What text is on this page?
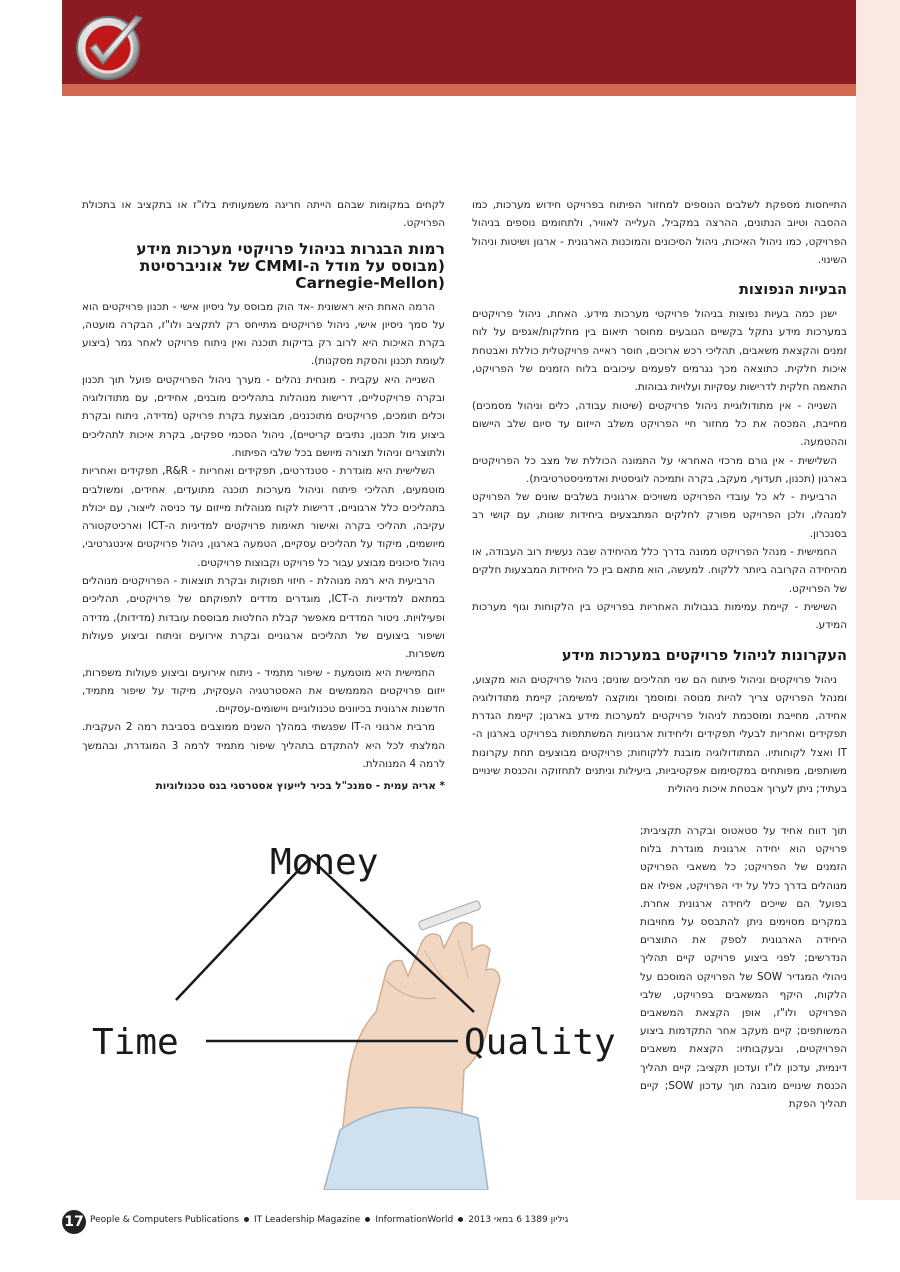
התייחסות מספקת לשלבים הנוספים למחזור הפיתוח בפרויקט חידוש מערכות, כמו ההסבה וטיוב הנתונים, ההרצה במקביל, העלייה לאוויר, ולתחומים נוספים בניהול הפרויקט, כמו ניהול האיכות, ניהול הסיכונים והמוכנות הארגונית - ארגון ושיטות וניהול השינוי.

הבעיות הנפוצות

ישנן כמה בעיות נפוצות בניהול פרויקטי מערכות מידע. האחת, ניהול פרויקטים במערכות מידע נתקל בקשיים הנובעים מחוסר תיאום בין מחלקות/אגפים על לוח זמנים והקצאת משאבים, תהליכי רכש ארוכים, חוסר ראייה פרויקטלית כוללת ואבטחת איכות חלקית. כתוצאה מכך נגרמים לפעמים עיכובים בלוח הזמנים של הפרויקט, התאמה חלקית לדרישות עסקיות ועלויות גבוהות.

השנייה - אין מתודולוגיית ניהול פרויקטים (שיטות עבודה, כלים וניהול מסמכים) מחייבת, המכסה את כל מחזור חיי הפרויקט משלב הייזום עד סיום שלב היישום וההטמעה.

השלישית - אין גורם מרכזי האחראי על התמונה הכוללת של מצב כל הפרויקטים בארגון (תכנון, תעדוף, מעקב, בקרה ותמיכה לוגיסטית ואדמיניסטרטיבית).

הרביעית - לא כל עובדי הפרויקט משויכים ארגונית בשלבים שונים של הפרויקט למנהלו, ולכן הפרויקט מפורק לחלקים המתבצעים ביחידות שונות, עם קושי רב בסנכרון.

החמישית - מנהל הפרויקט ממונה בדרך כלל מהיחידה שבה נעשית רוב העבודה, או מהיחידה הקרובה ביותר ללקוח. למעשה, הוא מתאם בין כל היחידות המבצעות חלקים של הפרויקט.

השישית - קיימת עמימות בגבולות האחריות בפרויקט בין הלקוחות וגוף מערכות המידע.

העקרונות לניהול פרויקטים במערכות מידע

ניהול פרויקטים וניהול פיתוח הם שני תהליכים שונים; ניהול פרויקטים הוא מקצוע, ומנהל הפרויקט צריך להיות מנוסה ומוסמך ומוקצה למשימה; קיימת מתודולוגיה אחידה, מחייבת ומוסכמת לניהול פרויקטים למערכות מידע בארגון; קיימת הגדרת תפקידים ואחריות לבעלי תפקידים וליחידות ארגוניות המשתתפות בפרויקט בארגון ה-IT ואצל לקוחותיו. המתודולוגיה מובנת ללקוחות; פרויקטים מבוצעים תחת עקרונות משותפים, מפותחים במקסימום אפקטיביות, ביעילות וניתנים לתחזוקה והכנסת שינויים בעתיד; ניתן לערוך אבטחת איכות ניהולית

תוך דווח אחיד על סטאטוס ובקרה תקציבית; פרויקט הוא יחידה ארגונית מוגדרת בלוח הזמנים של הפרויקט; כל משאבי הפרויקט מנוהלים בדרך כלל על ידי הפרויקט, אפילו אם בפועל הם שייכים ליחידה ארגונית אחרת. במקרים מסוימים ניתן להתבסס על מחויבות היחידה הארגונית לספק את התוצרים הנדרשים; לפני ביצוע פרויקט קיים תהליך ניהולי המגדיר SOW של הפרויקט המוסכם על הלקוח, היקף המשאבים בפרויקט, שלבי הפרויקט ולו"ז, אופן הקצאת המשאבים המשותפים; קיים מעקב אחר התקדמות ביצוע הפרויקטים, ובעקבותיו: הקצאת משאבים דינמית, עדכון לו"ז ועדכון תקציב; קיים תהליך הכנסת שינויים מובנה תוך עדכון SOW; קיים תהליך הפקת

לקחים במקומות שבהם הייתה חריגה משמעותית בלו"ז או בתקציב או בתכולת הפרויקט.

רמות הבגרות בניהול פרויקטי מערכות מידע
(מבוסס על מודל ה-CMMI של אוניברסיטת
Carnegie-Mellon)

הרמה האחת היא ראשונית -אד הוק מבוסס על ניסיון אישי - תכנון פרויקטים הוא על סמך ניסיון אישי, ניהול פרויקטים מתייחס רק לתקציב ולו"ז, הבקרה מועטה, בקרת האיכות היא לרוב רק בדיקות תוכנה ואין ניתוח פרויקט לאחר גמר (ביצוע לעומת תכנון והסקת מסקנות).

השנייה היא עקבית - מונחית נהלים - מערך ניהול הפרויקטים פועל תוך תכנון ובקרה פרויקטליים, דרישות מנוהלות בתהליכים מובנים, אחידים, עם מתודולוגיה וכלים תומכים, פרויקטים מתוכננים, מבוצעת בקרת פרויקט (מדידה, ניתוח ובקרת ביצוע מול תכנון, נתיבים קריטיים), ניהול הסכמי ספקים, בקרת איכות לתהליכים ולתוצרים וניהול תצורה מיושם בכל שלבי הפיתוח.

השלישית היא מוגדרת - סטנדרטים, תפקידים ואחריות - R&R, תפקידים ואחריות מוטמעים, תהליכי פיתוח וניהול מערכות תוכנה מתועדים, אחידים, ומשולבים בתהליכים כלל ארגוניים, דרישות לקוח מנוהלות מייזום עד כניסה לייצור, עם יכולת עקיבה, תהליכי בקרה ואישור תאימות פרויקטים למדיניות ה-ICT וארכיטקטורה מיושמים, מיקוד על תהליכים עסקיים, הטמעה בארגון, ניהול פרויקטים אינטגרטיבי, ניהול סיכונים מבוצע עבור כל פרויקט וקבוצות פרויקטים.

הרביעית היא רמה מנוהלת - חיזוי תפוקות ובקרת תוצאות - הפרויקטים מנוהלים במתאם למדיניות ה-ICT, מוגדרים מדדים לתפוקתם של פרויקטים, תהליכים ופעילויות. ניטור המדדים מאפשר קבלת החלטות מבוססת עובדות (מדידות), מדידה ושיפור ביצועים של תהליכים ארגוניים ובקרת אירועים וניתוח וביצוע פעולות משפרות.

החמישית היא מוטמעת - שיפור מתמיד - ניתוח אירועים וביצוע פעולות משפרות, ייזום פרויקטים המממשים את האסטרטגיה העסקית, מיקוד על שיפור מתמיד, חדשנות ארגונית בכיוונים טכנולוגיים ויישומים-עסקיים.

מרבית ארגוני ה-IT שפגשתי במהלך השנים ממוצבים בסביבת רמה 2 העקבית. המלצתי לכל היא להתקדם בתהליך שיפור מתמיד לרמה 3 המוגדרת, ובהמשך לרמה 4 המנוהלת.

* אריה עמית - סמנכ"ל בכיר לייעוץ אסטרטגי בנס טכנולוגיות

Money
Time	Quality
17 People & Computers Publications IT Leadership Magazine InformationWorld גיליון 1389 6 במאי 2013
